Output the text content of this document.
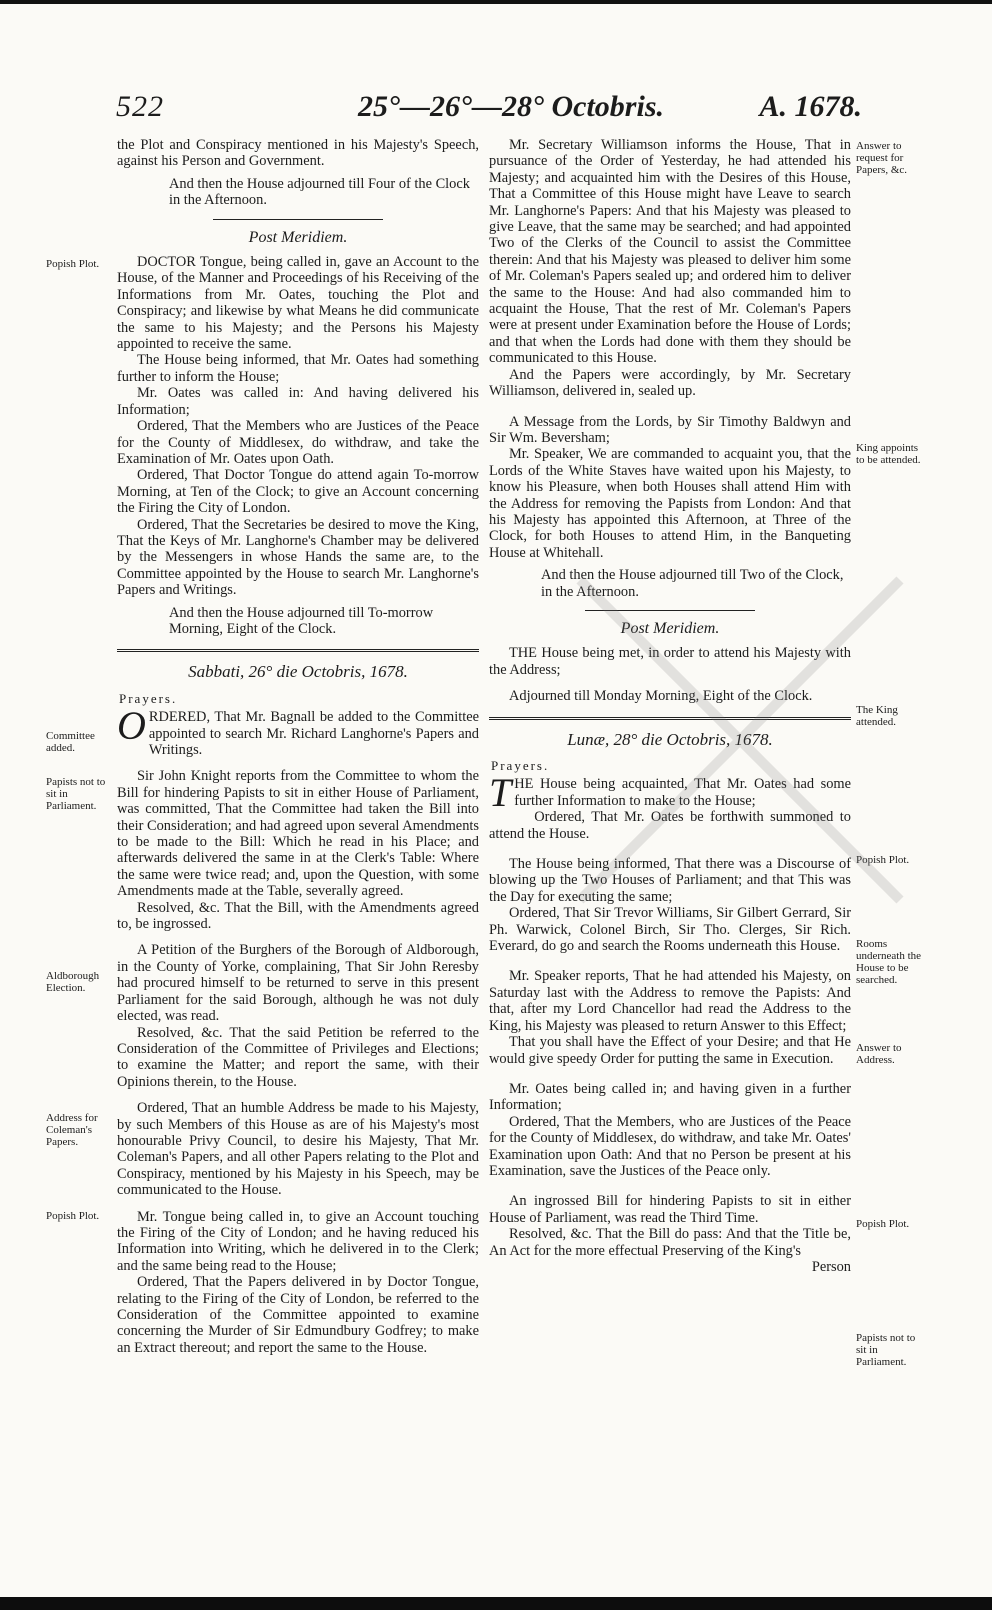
522	25°—26°—28° Octobris.	A. 1678.

the Plot and Conspiracy mentioned in his Majesty's Speech, against his Person and Government.

And then the House adjourned till Four of the Clock in the Afternoon.

Post Meridiem.

DOCTOR Tongue, being called in, gave an Account to the House, of the Manner and Proceedings of his Receiving of the Informations from Mr. Oates, touching the Plot and Conspiracy; and likewise by what Means he did communicate the same to his Majesty; and the Persons his Majesty appointed to receive the same.

The House being informed, that Mr. Oates had something further to inform the House;

Mr. Oates was called in: And having delivered his Information;

Ordered, That the Members who are Justices of the Peace for the County of Middlesex, do withdraw, and take the Examination of Mr. Oates upon Oath.

Ordered, That Doctor Tongue do attend again To-morrow Morning, at Ten of the Clock; to give an Account concerning the Firing the City of London.

Ordered, That the Secretaries be desired to move the King, That the Keys of Mr. Langhorne's Chamber may be delivered by the Messengers in whose Hands the same are, to the Committee appointed by the House to search Mr. Langhorne's Papers and Writings.

And then the House adjourned till To-morrow Morning, Eight of the Clock.

Sabbati, 26° die Octobris, 1678.
Prayers.

ORDERED, That Mr. Bagnall be added to the Committee appointed to search Mr. Richard Langhorne's Papers and Writings.

Sir John Knight reports from the Committee to whom the Bill for hindering Papists to sit in either House of Parliament, was committed, That the Committee had taken the Bill into their Consideration; and had agreed upon several Amendments to be made to the Bill: Which he read in his Place; and afterwards delivered the same in at the Clerk's Table: Where the same were twice read; and, upon the Question, with some Amendments made at the Table, severally agreed.

Resolved, &c. That the Bill, with the Amendments agreed to, be ingrossed.

A Petition of the Burghers of the Borough of Aldborough, in the County of Yorke, complaining, That Sir John Reresby had procured himself to be returned to serve in this present Parliament for the said Borough, although he was not duly elected, was read.

Resolved, &c. That the said Petition be referred to the Consideration of the Committee of Privileges and Elections; to examine the Matter; and report the same, with their Opinions therein, to the House.

Ordered, That an humble Address be made to his Majesty, by such Members of this House as are of his Majesty's most honourable Privy Council, to desire his Majesty, That Mr. Coleman's Papers, and all other Papers relating to the Plot and Conspiracy, mentioned by his Majesty in his Speech, may be communicated to the House.

Mr. Tongue being called in, to give an Account touching the Firing of the City of London; and he having reduced his Information into Writing, which he delivered in to the Clerk; and the same being read to the House;

Ordered, That the Papers delivered in by Doctor Tongue, relating to the Firing of the City of London, be referred to the Consideration of the Committee appointed to examine concerning the Murder of Sir Edmundbury Godfrey; to make an Extract thereout; and report the same to the House.

Mr. Secretary Williamson informs the House, That in pursuance of the Order of Yesterday, he had attended his Majesty; and acquainted him with the Desires of this House, That a Committee of this House might have Leave to search Mr. Langhorne's Papers: And that his Majesty was pleased to give Leave, that the same may be searched; and had appointed Two of the Clerks of the Council to assist the Committee therein: And that his Majesty was pleased to deliver him some of Mr. Coleman's Papers sealed up; and ordered him to deliver the same to the House: And had also commanded him to acquaint the House, That the rest of Mr. Coleman's Papers were at present under Examination before the House of Lords; and that when the Lords had done with them they should be communicated to this House.

And the Papers were accordingly, by Mr. Secretary Williamson, delivered in, sealed up.

A Message from the Lords, by Sir Timothy Baldwyn and Sir Wm. Beversham;

Mr. Speaker, We are commanded to acquaint you, that the Lords of the White Staves have waited upon his Majesty, to know his Pleasure, when both Houses shall attend Him with the Address for removing the Papists from London: And that his Majesty has appointed this Afternoon, at Three of the Clock, for both Houses to attend Him, in the Banqueting House at Whitehall.

And then the House adjourned till Two of the Clock, in the Afternoon.

Post Meridiem.

THE House being met, in order to attend his Majesty with the Address;

Adjourned till Monday Morning, Eight of the Clock.

Lunæ, 28° die Octobris, 1678.
Prayers.

THE House being acquainted, That Mr. Oates had some further Information to make to the House;

Ordered, That Mr. Oates be forthwith summoned to attend the House.

The House being informed, That there was a Discourse of blowing up the Two Houses of Parliament; and that This was the Day for executing the same;

Ordered, That Sir Trevor Williams, Sir Gilbert Gerrard, Sir Ph. Warwick, Colonel Birch, Sir Tho. Clerges, Sir Rich. Everard, do go and search the Rooms underneath this House.

Mr. Speaker reports, That he had attended his Majesty, on Saturday last with the Address to remove the Papists: And that, after my Lord Chancellor had read the Address to the King, his Majesty was pleased to return Answer to this Effect;

That you shall have the Effect of your Desire; and that He would give speedy Order for putting the same in Execution.

Mr. Oates being called in; and having given in a further Information;

Ordered, That the Members, who are Justices of the Peace for the County of Middlesex, do withdraw, and take Mr. Oates' Examination upon Oath: And that no Person be present at his Examination, save the Justices of the Peace only.

An ingrossed Bill for hindering Papists to sit in either House of Parliament, was read the Third Time.

Resolved, &c. That the Bill do pass: And that the Title be, An Act for the more effectual Preserving of the King's

Person

Popish Plot.
Committee added.
Papists not to sit in Parliament.
Aldborough Election.
Address for Coleman's Papers.
Popish Plot.
Answer to request for Papers, &c.
King appoints to be attended.
The King attended.
Popish Plot.
Rooms underneath the House to be searched.
Answer to Address.
Popish Plot.
Papists not to sit in Parliament.
